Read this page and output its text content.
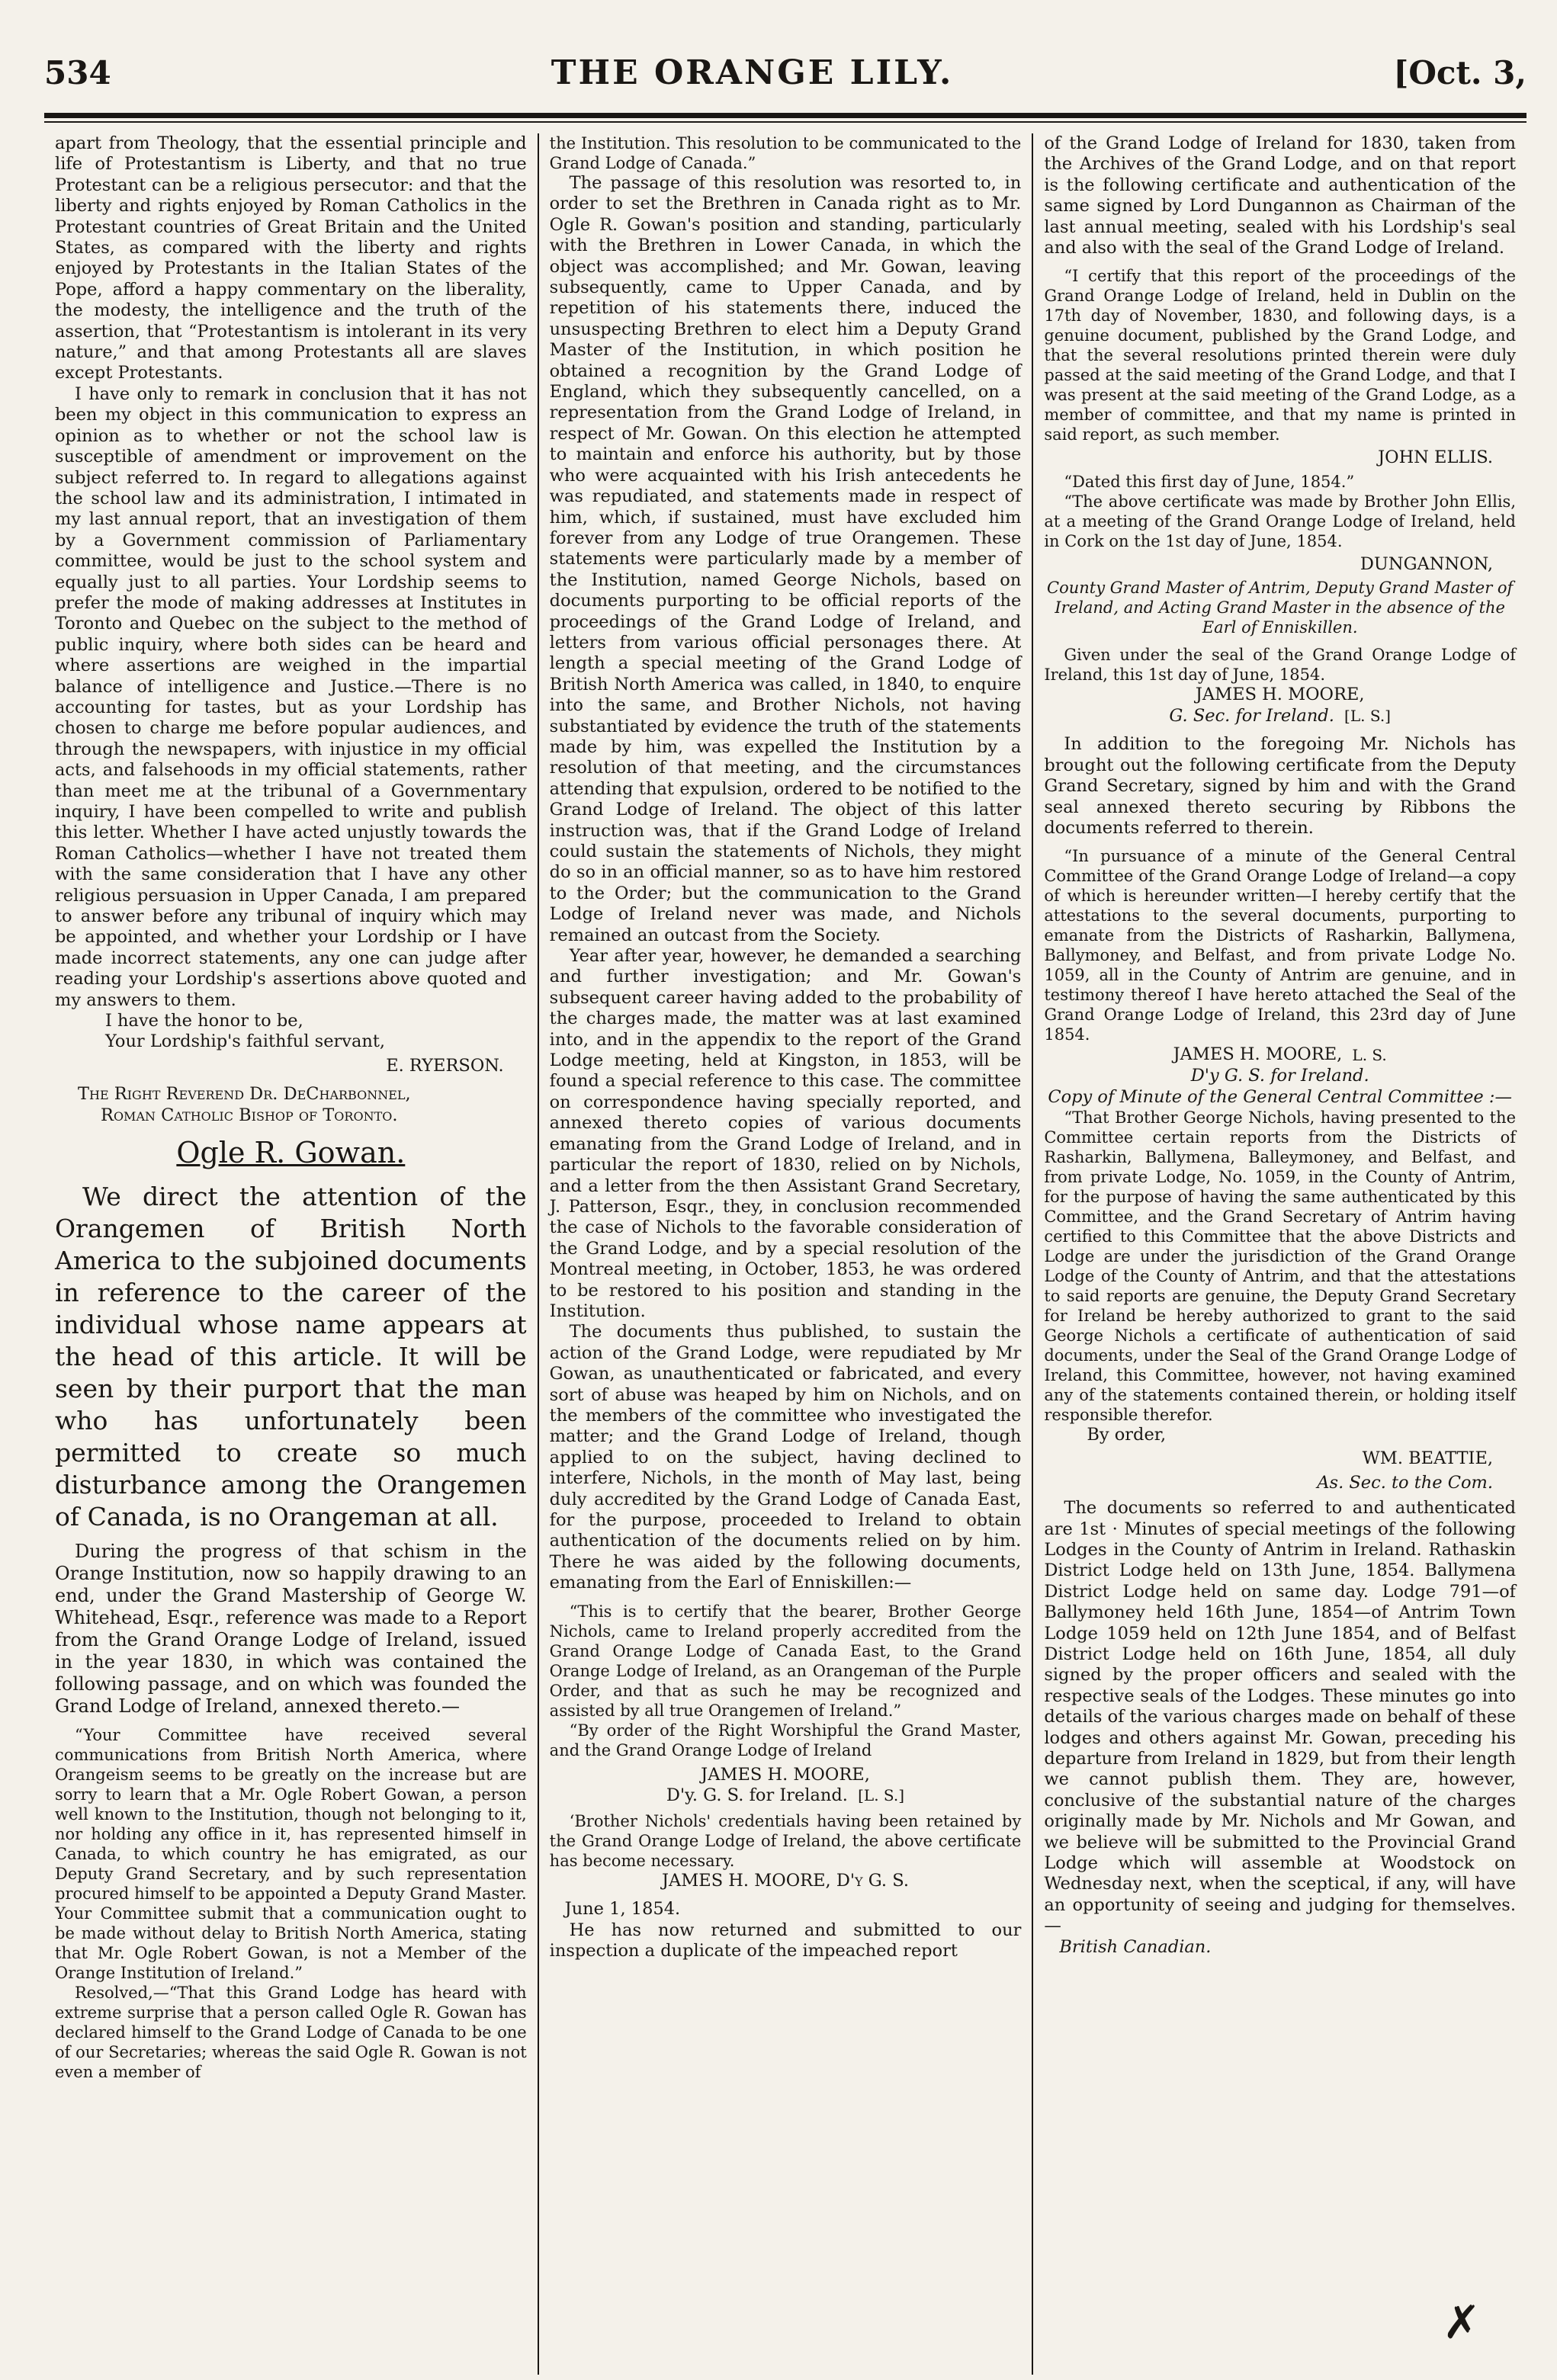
534	THE ORANGE LILY.	[Oct. 3,

apart from Theology, that the essential principle and life of Protestantism is Liberty, and that no true Protestant can be a religious persecutor: and that the liberty and rights enjoyed by Roman Catholics in the Protestant countries of Great Britain and the United States, as compared with the liberty and rights enjoyed by Protestants in the Italian States of the Pope, afford a happy commentary on the liberality, the modesty, the intelligence and the truth of the assertion, that “Protestantism is intolerant in its very nature,” and that among Protestants all are slaves except Protestants.

I have only to remark in conclusion that it has not been my object in this communication to express an opinion as to whether or not the school law is susceptible of amendment or improvement on the subject referred to. In regard to allegations against the school law and its administration, I intimated in my last annual report, that an investigation of them by a Government commission of Parliamentary committee, would be just to the school system and equally just to all parties. Your Lordship seems to prefer the mode of making addresses at Institutes in Toronto and Quebec on the subject to the method of public inquiry, where both sides can be heard and where assertions are weighed in the impartial balance of intelligence and Justice.—There is no accounting for tastes, but as your Lordship has chosen to charge me before popular audiences, and through the newspapers, with injustice in my official acts, and falsehoods in my official statements, rather than meet me at the tribunal of a Governmentary inquiry, I have been compelled to write and publish this letter. Whether I have acted unjustly towards the Roman Catholics—whether I have not treated them with the same consideration that I have any other religious persuasion in Upper Canada, I am prepared to answer before any tribunal of inquiry which may be appointed, and whether your Lordship or I have made incorrect statements, any one can judge after reading your Lordship's assertions above quoted and my answers to them.

I have the honor to be,

Your Lordship's faithful servant,

E. RYERSON.
The Right Reverend Dr. DeCharbonnel,
Roman Catholic Bishop of Toronto.
Ogle R. Gowan.

We direct the attention of the Orangemen of British North America to the subjoined documents in reference to the career of the individual whose name appears at the head of this article. It will be seen by their purport that the man who has unfortunately been permitted to create so much disturbance among the Orangemen of Canada, is no Orangeman at all.

During the progress of that schism in the Orange Institution, now so happily drawing to an end, under the Grand Mastership of George W. Whitehead, Esqr., reference was made to a Report from the Grand Orange Lodge of Ireland, issued in the year 1830, in which was contained the following passage, and on which was founded the Grand Lodge of Ireland, annexed thereto.—

“Your Committee have received several communications from British North America, where Orangeism seems to be greatly on the increase but are sorry to learn that a Mr. Ogle Robert Gowan, a person well known to the Institution, though not belonging to it, nor holding any office in it, has represented himself in Canada, to which country he has emigrated, as our Deputy Grand Secretary, and by such representation procured himself to be appointed a Deputy Grand Master. Your Committee submit that a communication ought to be made without delay to British North America, stating that Mr. Ogle Robert Gowan, is not a Member of the Orange Institution of Ireland.”

Resolved,—“That this Grand Lodge has heard with extreme surprise that a person called Ogle R. Gowan has declared himself to the Grand Lodge of Canada to be one of our Secretaries; whereas the said Ogle R. Gowan is not even a member of

the Institution. This resolution to be communicated to the Grand Lodge of Canada.”

The passage of this resolution was resorted to, in order to set the Brethren in Canada right as to Mr. Ogle R. Gowan's position and standing, particularly with the Brethren in Lower Canada, in which the object was accomplished; and Mr. Gowan, leaving subsequently, came to Upper Canada, and by repetition of his statements there, induced the unsuspecting Brethren to elect him a Deputy Grand Master of the Institution, in which position he obtained a recognition by the Grand Lodge of England, which they subsequently cancelled, on a representation from the Grand Lodge of Ireland, in respect of Mr. Gowan. On this election he attempted to maintain and enforce his authority, but by those who were acquainted with his Irish antecedents he was repudiated, and statements made in respect of him, which, if sustained, must have excluded him forever from any Lodge of true Orangemen. These statements were particularly made by a member of the Institution, named George Nichols, based on documents purporting to be official reports of the proceedings of the Grand Lodge of Ireland, and letters from various official personages there. At length a special meeting of the Grand Lodge of British North America was called, in 1840, to enquire into the same, and Brother Nichols, not having substantiated by evidence the truth of the statements made by him, was expelled the Institution by a resolution of that meeting, and the circumstances attending that expulsion, ordered to be notified to the Grand Lodge of Ireland. The object of this latter instruction was, that if the Grand Lodge of Ireland could sustain the statements of Nichols, they might do so in an official manner, so as to have him restored to the Order; but the communication to the Grand Lodge of Ireland never was made, and Nichols remained an outcast from the Society.

Year after year, however, he demanded a searching and further investigation; and Mr. Gowan's subsequent career having added to the probability of the charges made, the matter was at last examined into, and in the appendix to the report of the Grand Lodge meeting, held at Kingston, in 1853, will be found a special reference to this case. The committee on correspondence having specially reported, and annexed thereto copies of various documents emanating from the Grand Lodge of Ireland, and in particular the report of 1830, relied on by Nichols, and a letter from the then Assistant Grand Secretary, J. Patterson, Esqr., they, in conclusion recommended the case of Nichols to the favorable consideration of the Grand Lodge, and by a special resolution of the Montreal meeting, in October, 1853, he was ordered to be restored to his position and standing in the Institution.

The documents thus published, to sustain the action of the Grand Lodge, were repudiated by Mr Gowan, as unauthenticated or fabricated, and every sort of abuse was heaped by him on Nichols, and on the members of the committee who investigated the matter; and the Grand Lodge of Ireland, though applied to on the subject, having declined to interfere, Nichols, in the month of May last, being duly accredited by the Grand Lodge of Canada East, for the purpose, proceeded to Ireland to obtain authentication of the documents relied on by him. There he was aided by the following documents, emanating from the Earl of Enniskillen:—

“This is to certify that the bearer, Brother George Nichols, came to Ireland properly accredited from the Grand Orange Lodge of Canada East, to the Grand Orange Lodge of Ireland, as an Orangeman of the Purple Order, and that as such he may be recognized and assisted by all true Orangemen of Ireland.”

“By order of the Right Worshipful the Grand Master, and the Grand Orange Lodge of Ireland

JAMES H. MOORE,
D'y. G. S. for Ireland. [L. S.]

‘Brother Nichols' credentials having been retained by the Grand Orange Lodge of Ireland, the above certificate has become necessary.

JAMES H. MOORE, D'y G. S.

June 1, 1854.

He has now returned and submitted to our inspection a duplicate of the impeached report

of the Grand Lodge of Ireland for 1830, taken from the Archives of the Grand Lodge, and on that report is the following certificate and authentication of the same signed by Lord Dungannon as Chairman of the last annual meeting, sealed with his Lordship's seal and also with the seal of the Grand Lodge of Ireland.

“I certify that this report of the proceedings of the Grand Orange Lodge of Ireland, held in Dublin on the 17th day of November, 1830, and following days, is a genuine document, published by the Grand Lodge, and that the several resolutions printed therein were duly passed at the said meeting of the Grand Lodge, and that I was present at the said meeting of the Grand Lodge, as a member of committee, and that my name is printed in said report, as such member.

JOHN ELLIS.

“Dated this first day of June, 1854.”

“The above certificate was made by Brother John Ellis, at a meeting of the Grand Orange Lodge of Ireland, held in Cork on the 1st day of June, 1854.

DUNGANNON,

County Grand Master of Antrim, Deputy Grand Master of Ireland, and Acting Grand Master in the absence of the Earl of Enniskillen.

Given under the seal of the Grand Orange Lodge of Ireland, this 1st day of June, 1854.

JAMES H. MOORE,
G. Sec. for Ireland. [L. S.]

In addition to the foregoing Mr. Nichols has brought out the following certificate from the Deputy Grand Secretary, signed by him and with the Grand seal annexed thereto securing by Ribbons the documents referred to therein.

“In pursuance of a minute of the General Central Committee of the Grand Orange Lodge of Ireland—a copy of which is hereunder written—I hereby certify that the attestations to the several documents, purporting to emanate from the Districts of Rasharkin, Ballymena, Ballymoney, and Belfast, and from private Lodge No. 1059, all in the County of Antrim are genuine, and in testimony thereof I have hereto attached the Seal of the Grand Orange Lodge of Ireland, this 23rd day of June 1854.

JAMES H. MOORE, L. S.
D'y G. S. for Ireland.

Copy of Minute of the General Central Committee :—

“That Brother George Nichols, having presented to the Committee certain reports from the Districts of Rasharkin, Ballymena, Balleymoney, and Belfast, and from private Lodge, No. 1059, in the County of Antrim, for the purpose of having the same authenticated by this Committee, and the Grand Secretary of Antrim having certified to this Committee that the above Districts and Lodge are under the jurisdiction of the Grand Orange Lodge of the County of Antrim, and that the attestations to said reports are genuine, the Deputy Grand Secretary for Ireland be hereby authorized to grant to the said George Nichols a certificate of authentication of said documents, under the Seal of the Grand Orange Lodge of Ireland, this Committee, however, not having examined any of the statements contained therein, or holding itself responsible therefor.

By order,

WM. BEATTIE,
As. Sec. to the Com.

The documents so referred to and authenticated are 1st · Minutes of special meetings of the following Lodges in the County of Antrim in Ireland. Rathaskin District Lodge held on 13th June, 1854. Ballymena District Lodge held on same day. Lodge 791—of Ballymoney held 16th June, 1854—of Antrim Town Lodge 1059 held on 12th June 1854, and of Belfast District Lodge held on 16th June, 1854, all duly signed by the proper officers and sealed with the respective seals of the Lodges. These minutes go into details of the various charges made on behalf of these lodges and others against Mr. Gowan, preceding his departure from Ireland in 1829, but from their length we cannot publish them. They are, however, conclusive of the substantial nature of the charges originally made by Mr. Nichols and Mr Gowan, and we believe will be submitted to the Provincial Grand Lodge which will assemble at Woodstock on Wednesday next, when the sceptical, if any, will have an opportunity of seeing and judging for themselves.—

British Canadian.

✗
